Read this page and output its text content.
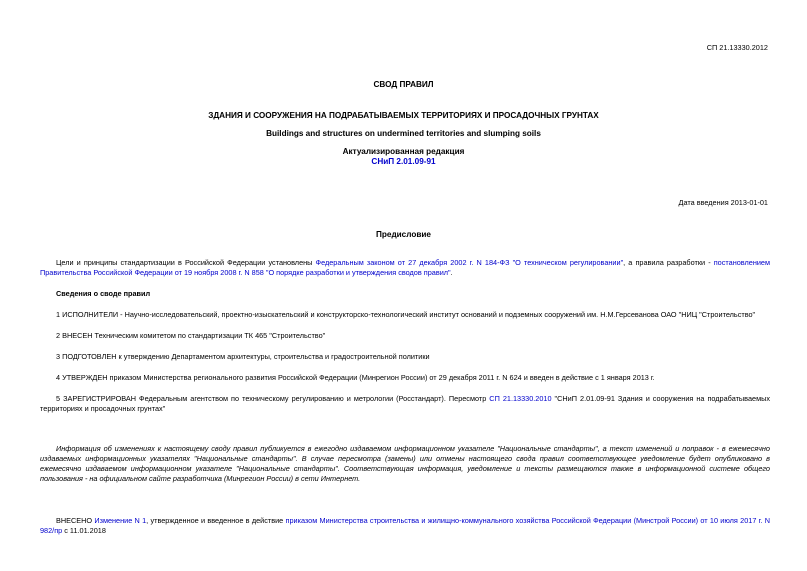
СП 21.13330.2012
СВОД ПРАВИЛ
ЗДАНИЯ И СООРУЖЕНИЯ НА ПОДРАБАТЫВАЕМЫХ ТЕРРИТОРИЯХ И ПРОСАДОЧНЫХ ГРУНТАХ
Buildings and structures on undermined territories and slumping soils
Актуализированная редакция
СНиП 2.01.09-91
Дата введения 2013-01-01
Предисловие
Цели и принципы стандартизации в Российской Федерации установлены Федеральным законом от 27 декабря 2002 г. N 184-ФЗ "О техническом регулировании", а правила разработки - постановлением Правительства Российской Федерации от 19 ноября 2008 г. N 858 "О порядке разработки и утверждения сводов правил".
Сведения о своде правил
1 ИСПОЛНИТЕЛИ - Научно-исследовательский, проектно-изыскательский и конструкторско-технологический институт оснований и подземных сооружений им. Н.М.Герсеванова ОАО "НИЦ "Строительство"
2 ВНЕСЕН Техническим комитетом по стандартизации ТК 465 "Строительство"
3 ПОДГОТОВЛЕН к утверждению Департаментом архитектуры, строительства и градостроительной политики
4 УТВЕРЖДЕН приказом Министерства регионального развития Российской Федерации (Минрегион России) от 29 декабря 2011 г. N 624 и введен в действие с 1 января 2013 г.
5 ЗАРЕГИСТРИРОВАН Федеральным агентством по техническому регулированию и метрологии (Росстандарт). Пересмотр СП 21.13330.2010 "СНиП 2.01.09-91 Здания и сооружения на подрабатываемых территориях и просадочных грунтах"
Информация об изменениях к настоящему своду правил публикуется в ежегодно издаваемом информационном указателе "Национальные стандарты", а текст изменений и поправок - в ежемесячно издаваемых информационных указателях "Национальные стандарты". В случае пересмотра (замены) или отмены настоящего свода правил соответствующее уведомление будет опубликовано в ежемесячно издаваемом информационном указателе "Национальные стандарты". Соответствующая информация, уведомление и тексты размещаются также в информационной системе общего пользования - на официальном сайте разработчика (Минрегион России) в сети Интернет.
ВНЕСЕНО Изменение N 1, утвержденное и введенное в действие приказом Министерства строительства и жилищно-коммунального хозяйства Российской Федерации (Минстрой России) от 10 июля 2017 г. N 982/пр с 11.01.2018
